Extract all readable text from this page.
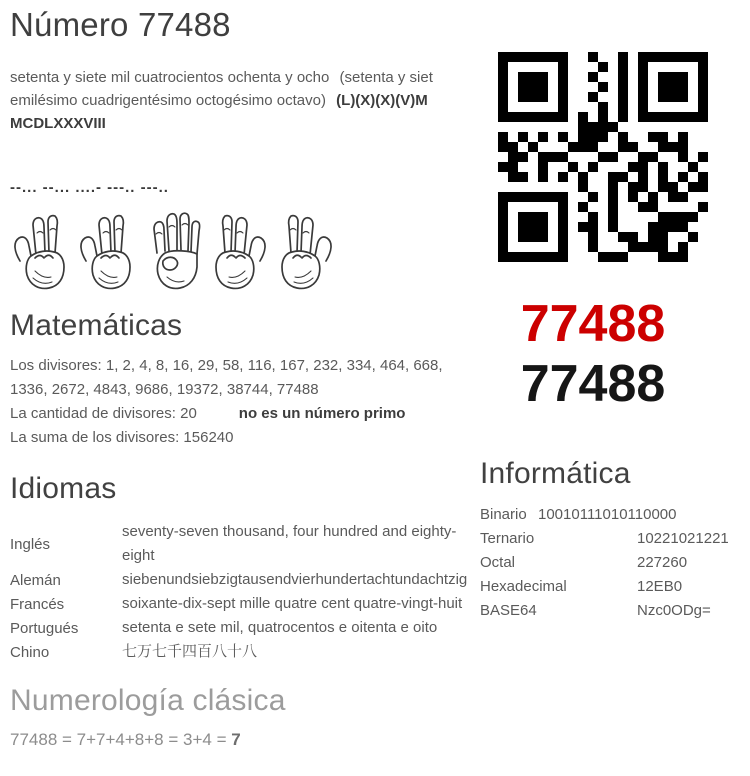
Número 77488

setenta y siete mil cuatrocientos ochenta y ocho (setenta y siet emilésimo cuadrigentésimo octogésimo octavo) (L)(X)(X)(V)M MCDLXXXVIII

--... --... ....- ---.. ---..
Matemáticas

Los divisores: 1, 2, 4, 8, 16, 29, 58, 116, 167, 232, 334, 464, 668, 1336, 2672, 4843, 9686, 19372, 38744, 77488

La cantidad de divisores: 20	no es un número primo

La suma de los divisores: 156240

Idiomas
Inglés
seventy-seven thousand, four hundred and eighty-eight
Alemán	siebenundsiebzigtausendvierhundertachtundachtzig
Francés	soixante-dix-sept mille quatre cent quatre-vingt-huit
Portugués	setenta e sete mil, quatrocentos e oitenta e oito
Chino	七万七千四百八十八
77488
77488
Informática
Binario 10010111010110000
Ternario	10221021221
Octal	227260
Hexadecimal	12EB0
BASE64	Nzc0ODg=
Numerología clásica

77488 = 7+7+4+8+8 = 3+4 = 7
